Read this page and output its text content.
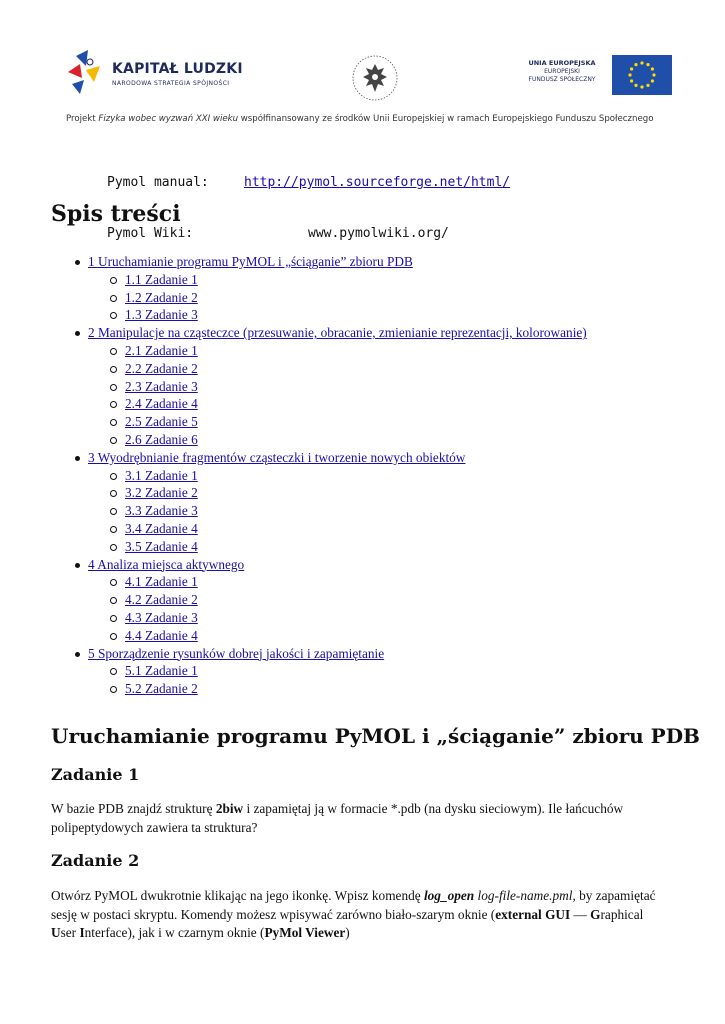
KAPITAŁ LUDZKI
NARODOWA STRATEGIA SPÓJNOŚCI
UNIA EUROPEJSKA
EUROPEJSKI
FUNDUSZ SPOŁECZNY
Projekt Fizyka wobec wyzwań XXI wieku współfinansowany ze środków Unii Europejskiej w ramach Europejskiego Funduszu Społecznego

Pymol manual:	http://pymol.sourceforge.net/html/

Pymol Wiki:	www.pymolwiki.org/

Spis treści
1 Uruchamianie programu PyMOL i „ściąganie” zbioru PDB
1.1 Zadanie 1
1.2 Zadanie 2
1.3 Zadanie 3
2 Manipulacje na cząsteczce (przesuwanie, obracanie, zmienianie reprezentacji, kolorowanie)
2.1 Zadanie 1
2.2 Zadanie 2
2.3 Zadanie 3
2.4 Zadanie 4
2.5 Zadanie 5
2.6 Zadanie 6
3 Wyodrębnianie fragmentów cząsteczki i tworzenie nowych obiektów
3.1 Zadanie 1
3.2 Zadanie 2
3.3 Zadanie 3
3.4 Zadanie 4
3.5 Zadanie 4
4 Analiza miejsca aktywnego
4.1 Zadanie 1
4.2 Zadanie 2
4.3 Zadanie 3
4.4 Zadanie 4
5 Sporządzenie rysunków dobrej jakości i zapamiętanie
5.1 Zadanie 1
5.2 Zadanie 2
Uruchamianie programu PyMOL i „ściąganie” zbioru PDB
Zadanie 1
W bazie PDB znajdź strukturę 2biw i zapamiętaj ją w formacie *.pdb (na dysku sieciowym). Ile łańcuchów polipeptydowych zawiera ta struktura?
Zadanie 2
Otwórz PyMOL dwukrotnie klikając na jego ikonkę. Wpisz komendę log_open log-file-name.pml, by zapamiętać sesję w postaci skryptu. Komendy możesz wpisywać zarówno biało-szarym oknie (external GUI — Graphical User Interface), jak i w czarnym oknie (PyMol Viewer)
